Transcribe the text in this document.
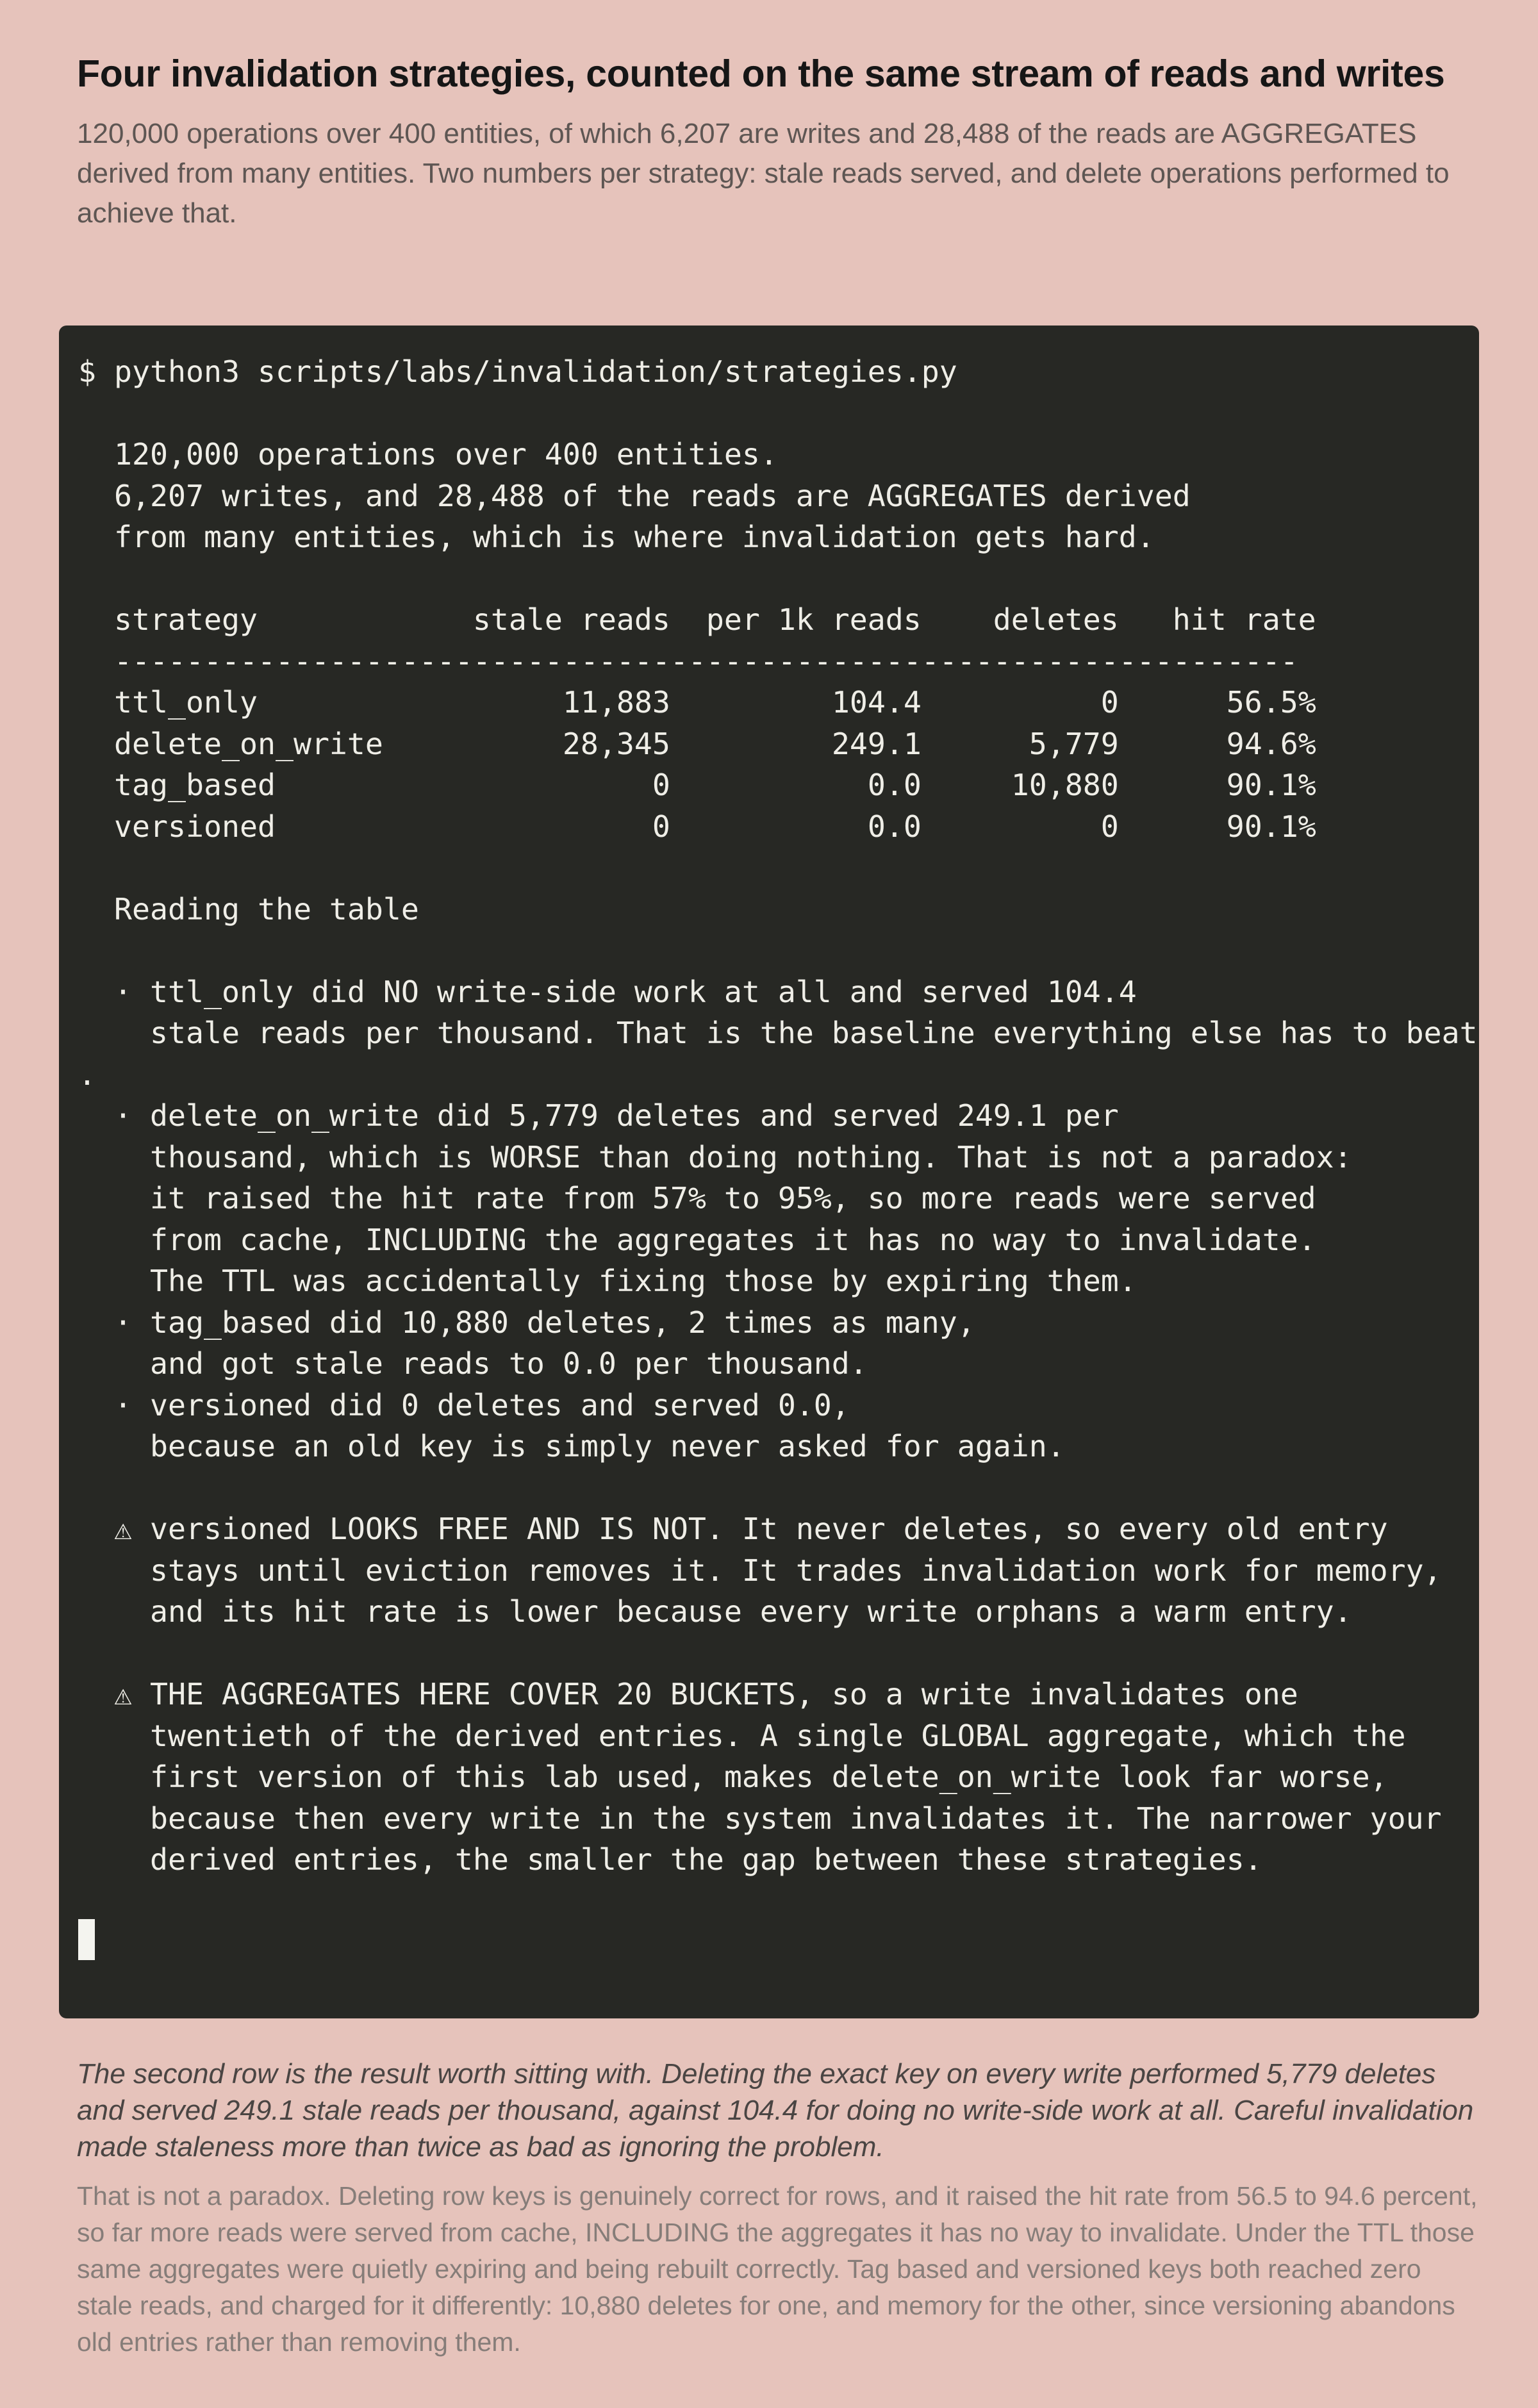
Four invalidation strategies, counted on the same stream of reads and writes
120,000 operations over 400 entities, of which 6,207 are writes and 28,488 of the reads are AGGREGATES derived from many entities. Two numbers per strategy: stale reads served, and delete operations performed to achieve that.
$ python3 scripts/labs/invalidation/strategies.py

120,000 operations over 400 entities.
6,207 writes, and 28,488 of the reads are AGGREGATES derived
from many entities, which is where invalidation gets hard.

strategy            stale reads  per 1k reads    deletes   hit rate
------------------------------------------------------------------
ttl_only                 11,883         104.4          0      56.5%
delete_on_write          28,345         249.1      5,779      94.6%
tag_based                     0           0.0     10,880      90.1%
versioned                     0           0.0          0      90.1%

Reading the table

· ttl_only did NO write-side work at all and served 104.4
stale reads per thousand. That is the baseline everything else has to beat
.
· delete_on_write did 5,779 deletes and served 249.1 per
thousand, which is WORSE than doing nothing. That is not a paradox:
it raised the hit rate from 57% to 95%, so more reads were served
from cache, INCLUDING the aggregates it has no way to invalidate.
The TTL was accidentally fixing those by expiring them.
· tag_based did 10,880 deletes, 2 times as many,
and got stale reads to 0.0 per thousand.
· versioned did 0 deletes and served 0.0,
because an old key is simply never asked for again.

⚠ versioned LOOKS FREE AND IS NOT. It never deletes, so every old entry
stays until eviction removes it. It trades invalidation work for memory,
and its hit rate is lower because every write orphans a warm entry.

⚠ THE AGGREGATES HERE COVER 20 BUCKETS, so a write invalidates one
twentieth of the derived entries. A single GLOBAL aggregate, which the
first version of this lab used, makes delete_on_write look far worse,
because then every write in the system invalidates it. The narrower your
derived entries, the smaller the gap between these strategies.
The second row is the result worth sitting with. Deleting the exact key on every write performed 5,779 deletes and served 249.1 stale reads per thousand, against 104.4 for doing no write-side work at all. Careful invalidation made staleness more than twice as bad as ignoring the problem.
That is not a paradox. Deleting row keys is genuinely correct for rows, and it raised the hit rate from 56.5 to 94.6 percent, so far more reads were served from cache, INCLUDING the aggregates it has no way to invalidate. Under the TTL those same aggregates were quietly expiring and being rebuilt correctly. Tag based and versioned keys both reached zero stale reads, and charged for it differently: 10,880 deletes for one, and memory for the other, since versioning abandons old entries rather than removing them.
